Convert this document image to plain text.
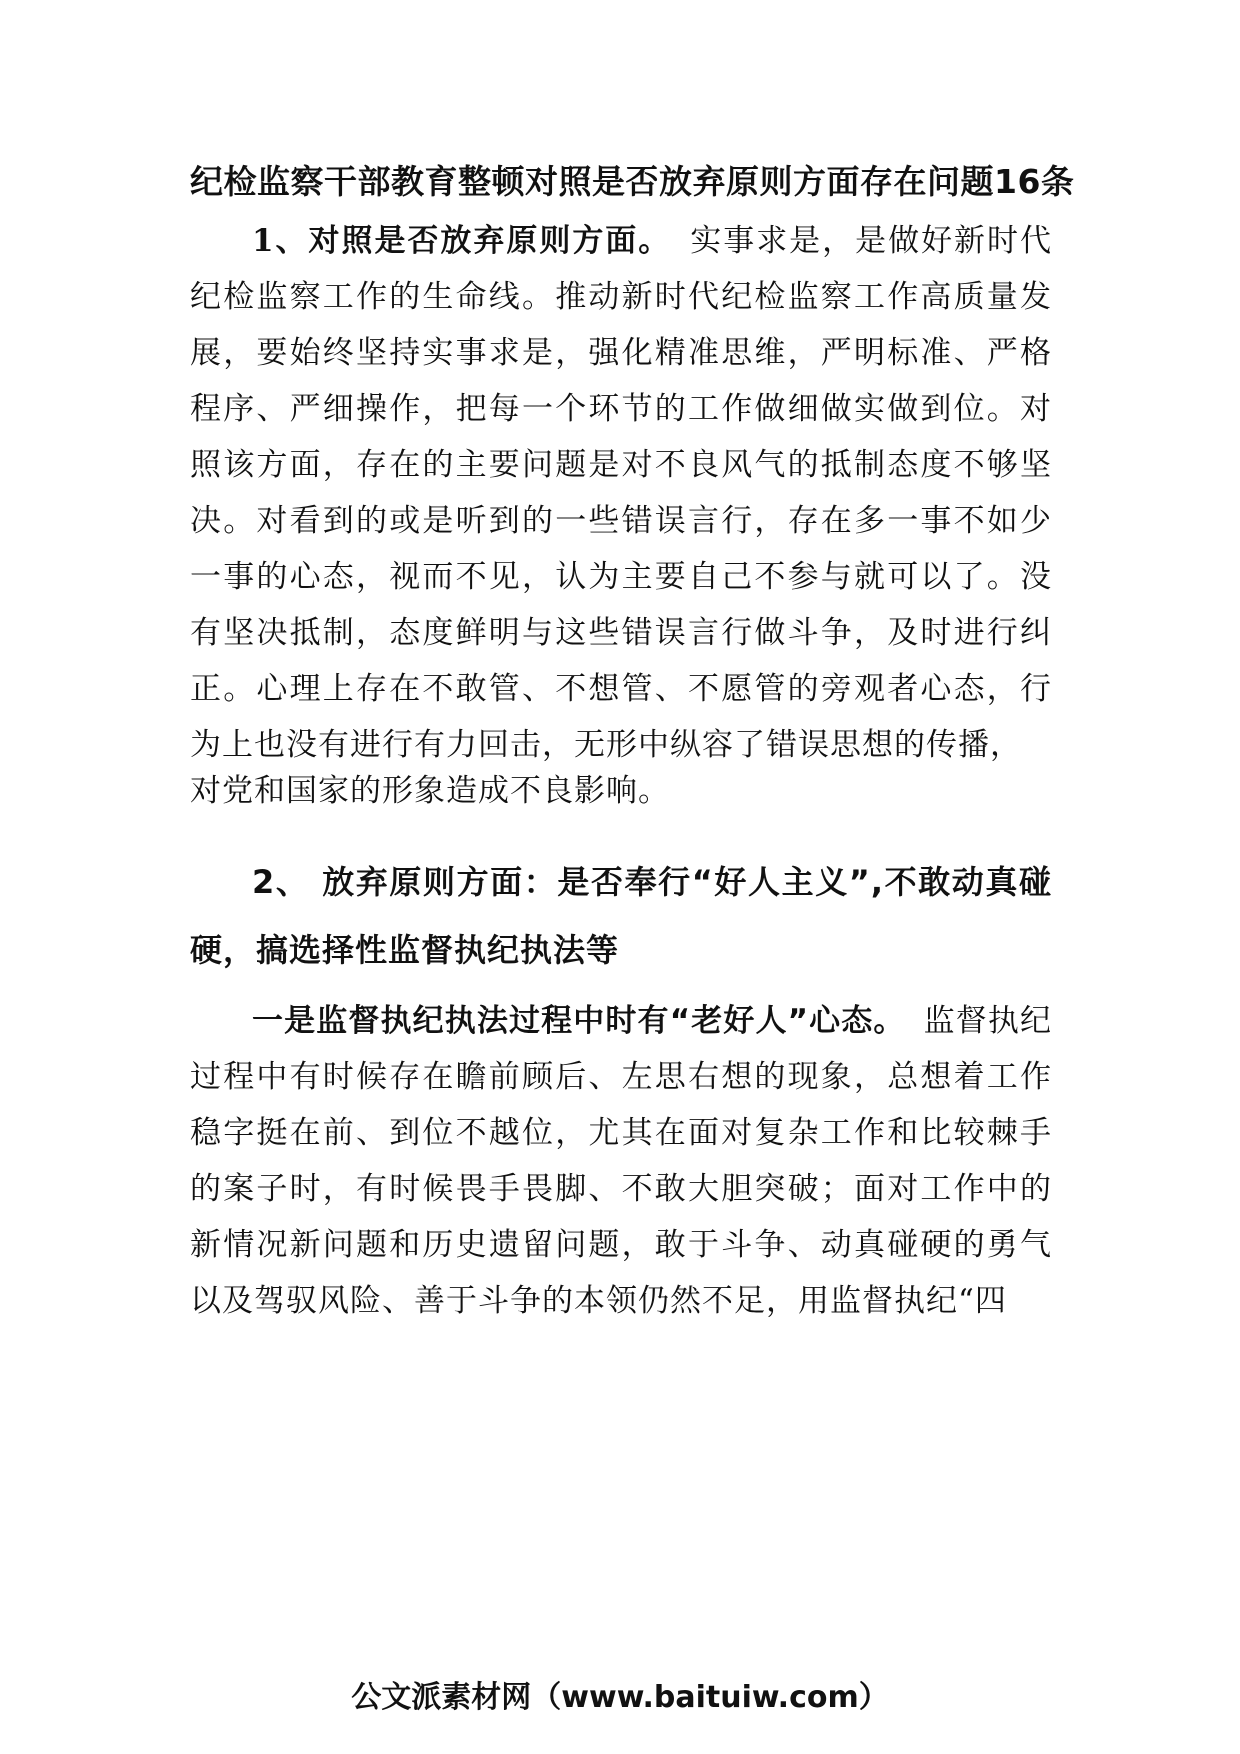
纪检监察干部教育整顿对照是否放弃原则方面存在问题16条
1、对照是否放弃原则方面。 实事求是，是做好新时代纪检监察工作的生命线。推动新时代纪检监察工作高质量发展，要始终坚持实事求是，强化精准思维，严明标准、严格程序、严细操作，把每一个环节的工作做细做实做到位。对照该方面，存在的主要问题是对不良风气的抵制态度不够坚决。对看到的或是听到的一些错误言行，存在多一事不如少一事的心态，视而不见，认为主要自己不参与就可以了。没有坚决抵制，态度鲜明与这些错误言行做斗争，及时进行纠正。心理上存在不敢管、不想管、不愿管的旁观者心态，行为上也没有进行有力回击，无形中纵容了错误思想的传播，
对党和国家的形象造成不良影响。
2、 放弃原则方面：是否奉行“好人主义”,不敢动真碰硬，搞选择性监督执纪执法等
一是监督执纪执法过程中时有“老好人”心态。 监督执纪过程中有时候存在瞻前顾后、左思右想的现象，总想着工作稳字挺在前、到位不越位，尤其在面对复杂工作和比较棘手的案子时，有时候畏手畏脚、不敢大胆突破；面对工作中的新情况新问题和历史遗留问题，敢于斗争、动真碰硬的勇气以及驾驭风险、善于斗争的本领仍然不足，用监督执纪“四
公文派素材网（www.baituiw.com）
